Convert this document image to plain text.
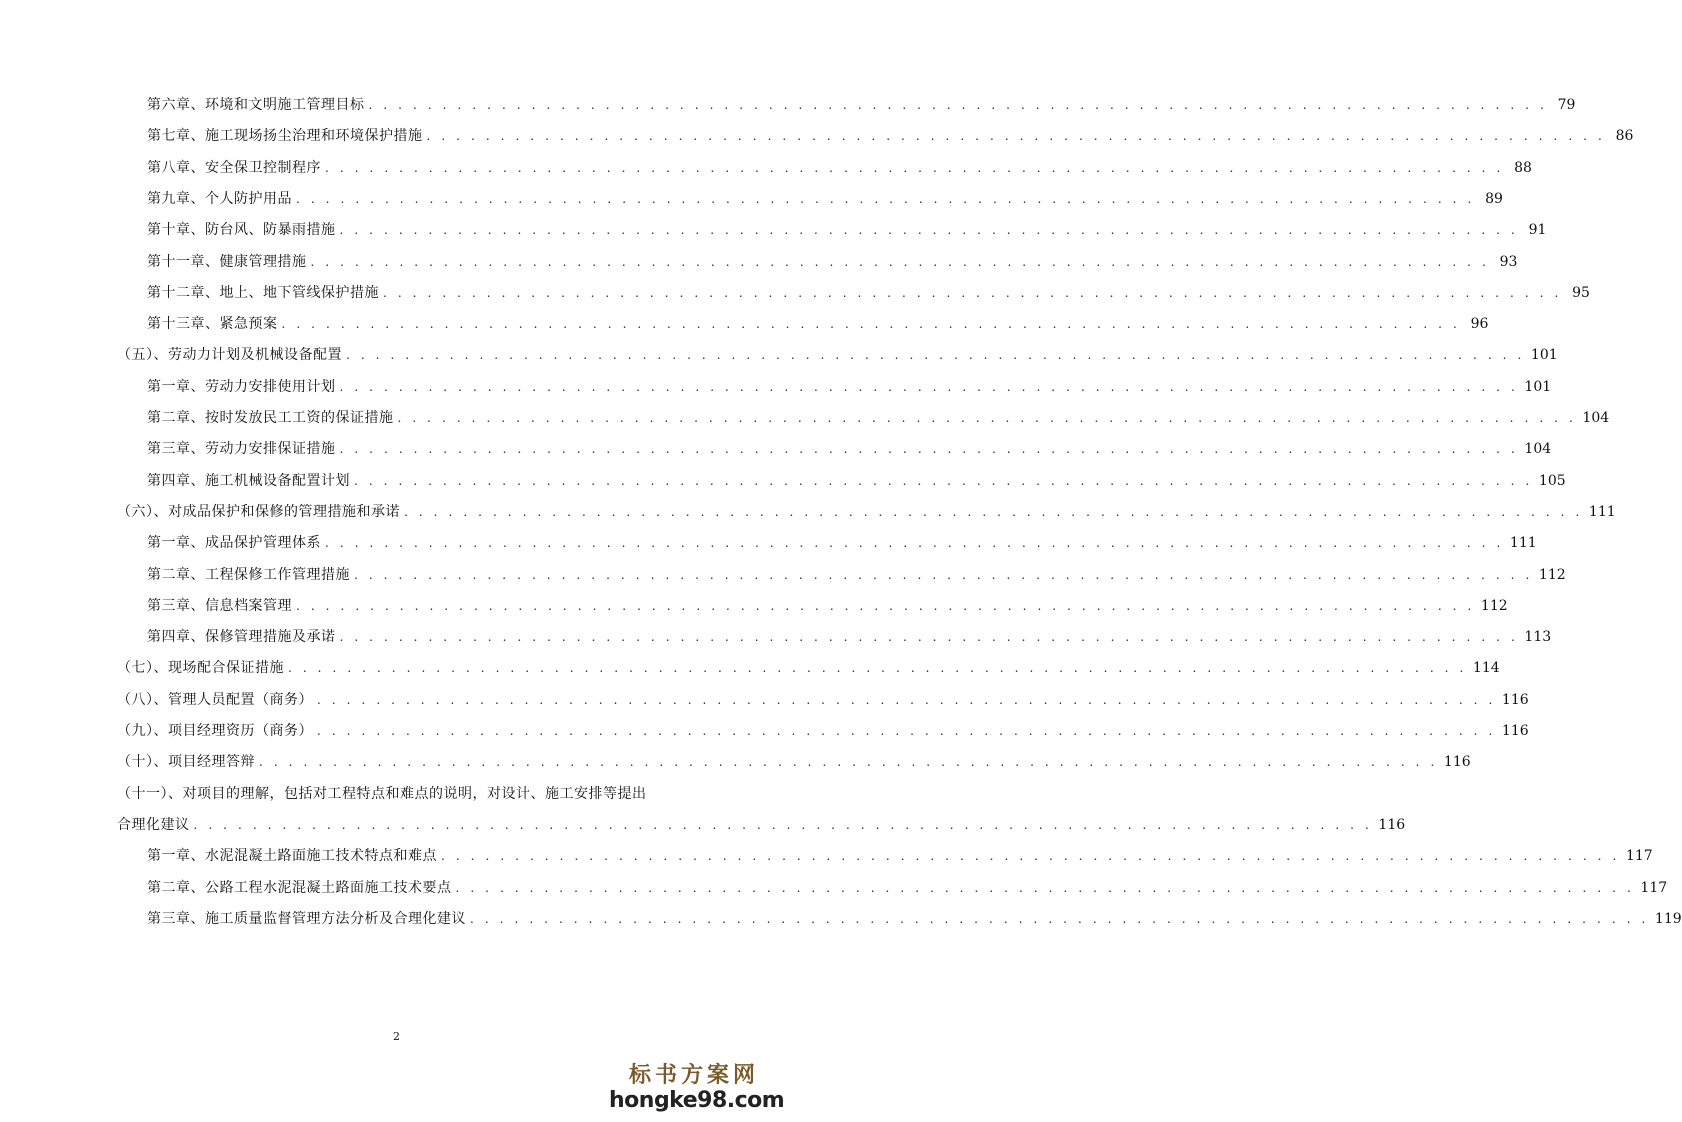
第六章、环境和文明施工管理目标 . . . . . . . . . . . . . . . . . . . . . . . . . . . . . . . . . . . . . . . . . . . . . . . . . . . . . . . . . . . . . . . . . . . . . . . . . . . . . . . . 79
第七章、施工现场扬尘治理和环境保护措施 . . . . . . . . . . . . . . . . . . . . . . . . . . . . . . . . . . . . . . . . . . . . . . . . . . . . . . . . . . . . . . . . . . . . . . . . . . . . . . . . 86
第八章、安全保卫控制程序 . . . . . . . . . . . . . . . . . . . . . . . . . . . . . . . . . . . . . . . . . . . . . . . . . . . . . . . . . . . . . . . . . . . . . . . . . . . . . . . . 88
第九章、个人防护用品 . . . . . . . . . . . . . . . . . . . . . . . . . . . . . . . . . . . . . . . . . . . . . . . . . . . . . . . . . . . . . . . . . . . . . . . . . . . . . . . . 89
第十章、防台风、防暴雨措施 . . . . . . . . . . . . . . . . . . . . . . . . . . . . . . . . . . . . . . . . . . . . . . . . . . . . . . . . . . . . . . . . . . . . . . . . . . . . . . . . 91
第十一章、健康管理措施 . . . . . . . . . . . . . . . . . . . . . . . . . . . . . . . . . . . . . . . . . . . . . . . . . . . . . . . . . . . . . . . . . . . . . . . . . . . . . . . . 93
第十二章、地上、地下管线保护措施 . . . . . . . . . . . . . . . . . . . . . . . . . . . . . . . . . . . . . . . . . . . . . . . . . . . . . . . . . . . . . . . . . . . . . . . . . . . . . . . . 95
第十三章、紧急预案 . . . . . . . . . . . . . . . . . . . . . . . . . . . . . . . . . . . . . . . . . . . . . . . . . . . . . . . . . . . . . . . . . . . . . . . . . . . . . . . . 96
（五）、劳动力计划及机械设备配置 . . . . . . . . . . . . . . . . . . . . . . . . . . . . . . . . . . . . . . . . . . . . . . . . . . . . . . . . . . . . . . . . . . . . . . . . . . . . . . . . 101
第一章、劳动力安排使用计划 . . . . . . . . . . . . . . . . . . . . . . . . . . . . . . . . . . . . . . . . . . . . . . . . . . . . . . . . . . . . . . . . . . . . . . . . . . . . . . . . 101
第二章、按时发放民工工资的保证措施 . . . . . . . . . . . . . . . . . . . . . . . . . . . . . . . . . . . . . . . . . . . . . . . . . . . . . . . . . . . . . . . . . . . . . . . . . . . . . . . . 104
第三章、劳动力安排保证措施 . . . . . . . . . . . . . . . . . . . . . . . . . . . . . . . . . . . . . . . . . . . . . . . . . . . . . . . . . . . . . . . . . . . . . . . . . . . . . . . . 104
第四章、施工机械设备配置计划 . . . . . . . . . . . . . . . . . . . . . . . . . . . . . . . . . . . . . . . . . . . . . . . . . . . . . . . . . . . . . . . . . . . . . . . . . . . . . . . . 105
（六）、对成品保护和保修的管理措施和承诺 . . . . . . . . . . . . . . . . . . . . . . . . . . . . . . . . . . . . . . . . . . . . . . . . . . . . . . . . . . . . . . . . . . . . . . . . . . . . . . . . 111
第一章、成品保护管理体系 . . . . . . . . . . . . . . . . . . . . . . . . . . . . . . . . . . . . . . . . . . . . . . . . . . . . . . . . . . . . . . . . . . . . . . . . . . . . . . . . 111
第二章、工程保修工作管理措施 . . . . . . . . . . . . . . . . . . . . . . . . . . . . . . . . . . . . . . . . . . . . . . . . . . . . . . . . . . . . . . . . . . . . . . . . . . . . . . . . 112
第三章、信息档案管理 . . . . . . . . . . . . . . . . . . . . . . . . . . . . . . . . . . . . . . . . . . . . . . . . . . . . . . . . . . . . . . . . . . . . . . . . . . . . . . . . 112
第四章、保修管理措施及承诺 . . . . . . . . . . . . . . . . . . . . . . . . . . . . . . . . . . . . . . . . . . . . . . . . . . . . . . . . . . . . . . . . . . . . . . . . . . . . . . . . 113
（七）、现场配合保证措施 . . . . . . . . . . . . . . . . . . . . . . . . . . . . . . . . . . . . . . . . . . . . . . . . . . . . . . . . . . . . . . . . . . . . . . . . . . . . . . . . 114
（八）、管理人员配置（商务） . . . . . . . . . . . . . . . . . . . . . . . . . . . . . . . . . . . . . . . . . . . . . . . . . . . . . . . . . . . . . . . . . . . . . . . . . . . . . . . . 116
（九）、项目经理资历（商务） . . . . . . . . . . . . . . . . . . . . . . . . . . . . . . . . . . . . . . . . . . . . . . . . . . . . . . . . . . . . . . . . . . . . . . . . . . . . . . . . 116
（十）、项目经理答辩 . . . . . . . . . . . . . . . . . . . . . . . . . . . . . . . . . . . . . . . . . . . . . . . . . . . . . . . . . . . . . . . . . . . . . . . . . . . . . . . . 116
（十一）、对项目的理解，包括对工程特点和难点的说明，对设计、施工安排等提出
合理化建议 . . . . . . . . . . . . . . . . . . . . . . . . . . . . . . . . . . . . . . . . . . . . . . . . . . . . . . . . . . . . . . . . . . . . . . . . . . . . . . . . 116
第一章、水泥混凝土路面施工技术特点和难点 . . . . . . . . . . . . . . . . . . . . . . . . . . . . . . . . . . . . . . . . . . . . . . . . . . . . . . . . . . . . . . . . . . . . . . . . . . . . . . . . 117
第二章、公路工程水泥混凝土路面施工技术要点 . . . . . . . . . . . . . . . . . . . . . . . . . . . . . . . . . . . . . . . . . . . . . . . . . . . . . . . . . . . . . . . . . . . . . . . . . . . . . . . . 117
第三章、施工质量监督管理方法分析及合理化建议 . . . . . . . . . . . . . . . . . . . . . . . . . . . . . . . . . . . . . . . . . . . . . . . . . . . . . . . . . . . . . . . . . . . . . . . . . . . . . . . . 119
2
标书方案网
hongke98.com
